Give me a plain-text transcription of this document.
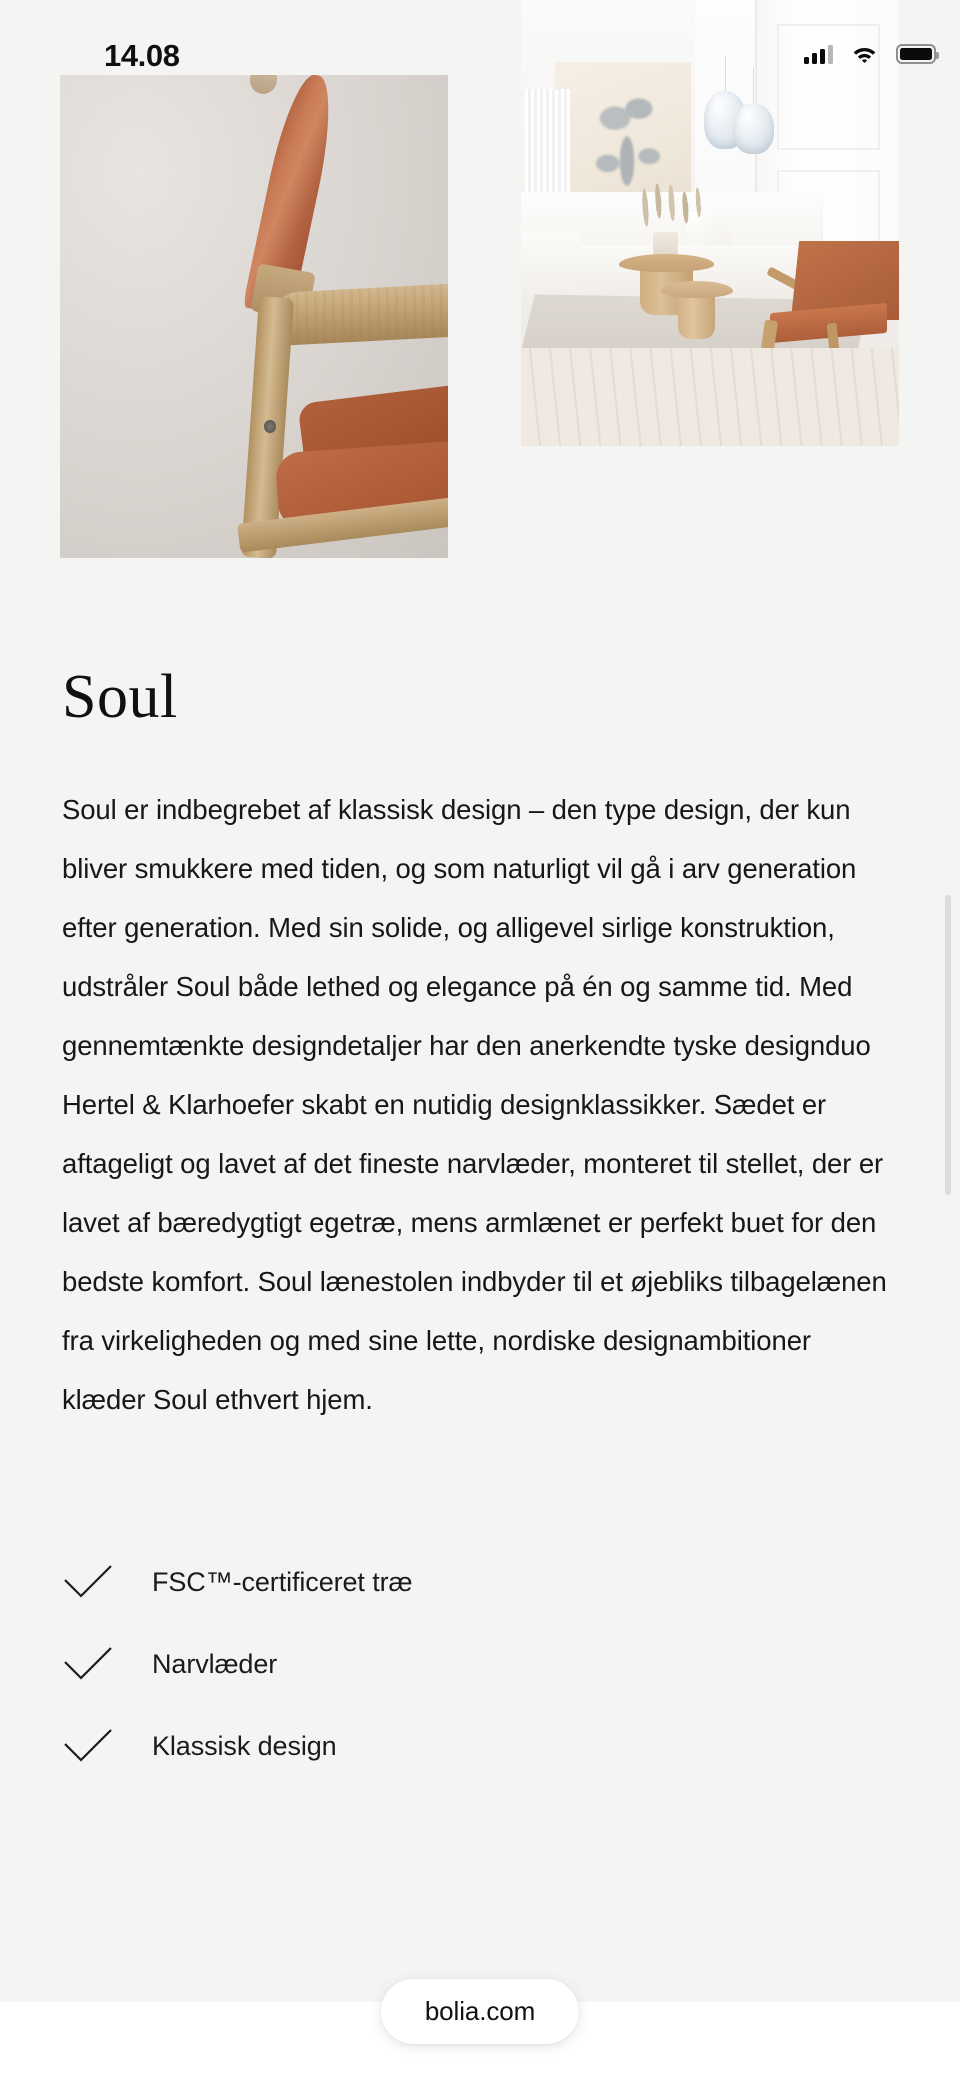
14.08
Soul

Soul er indbegrebet af klassisk design – den type design, der kun bliver smukkere med tiden, og som naturligt vil gå i arv generation efter generation. Med sin solide, og alligevel sirlige konstruktion, udstråler Soul både lethed og elegance på én og samme tid. Med gennemtænkte designdetaljer har den anerkendte tyske designduo Hertel & Klarhoefer skabt en nutidig designklassikker. Sædet er aftageligt og lavet af det fineste narvlæder, monteret til stellet, der er lavet af bæredygtigt egetræ, mens armlænet er perfekt buet for den bedste komfort. Soul lænestolen indbyder til et øjebliks tilbagelænen fra virkeligheden og med sine lette, nordiske designambitioner klæder Soul ethvert hjem.

FSC™-certificeret træ
Narvlæder
Klassisk design
bolia.com
